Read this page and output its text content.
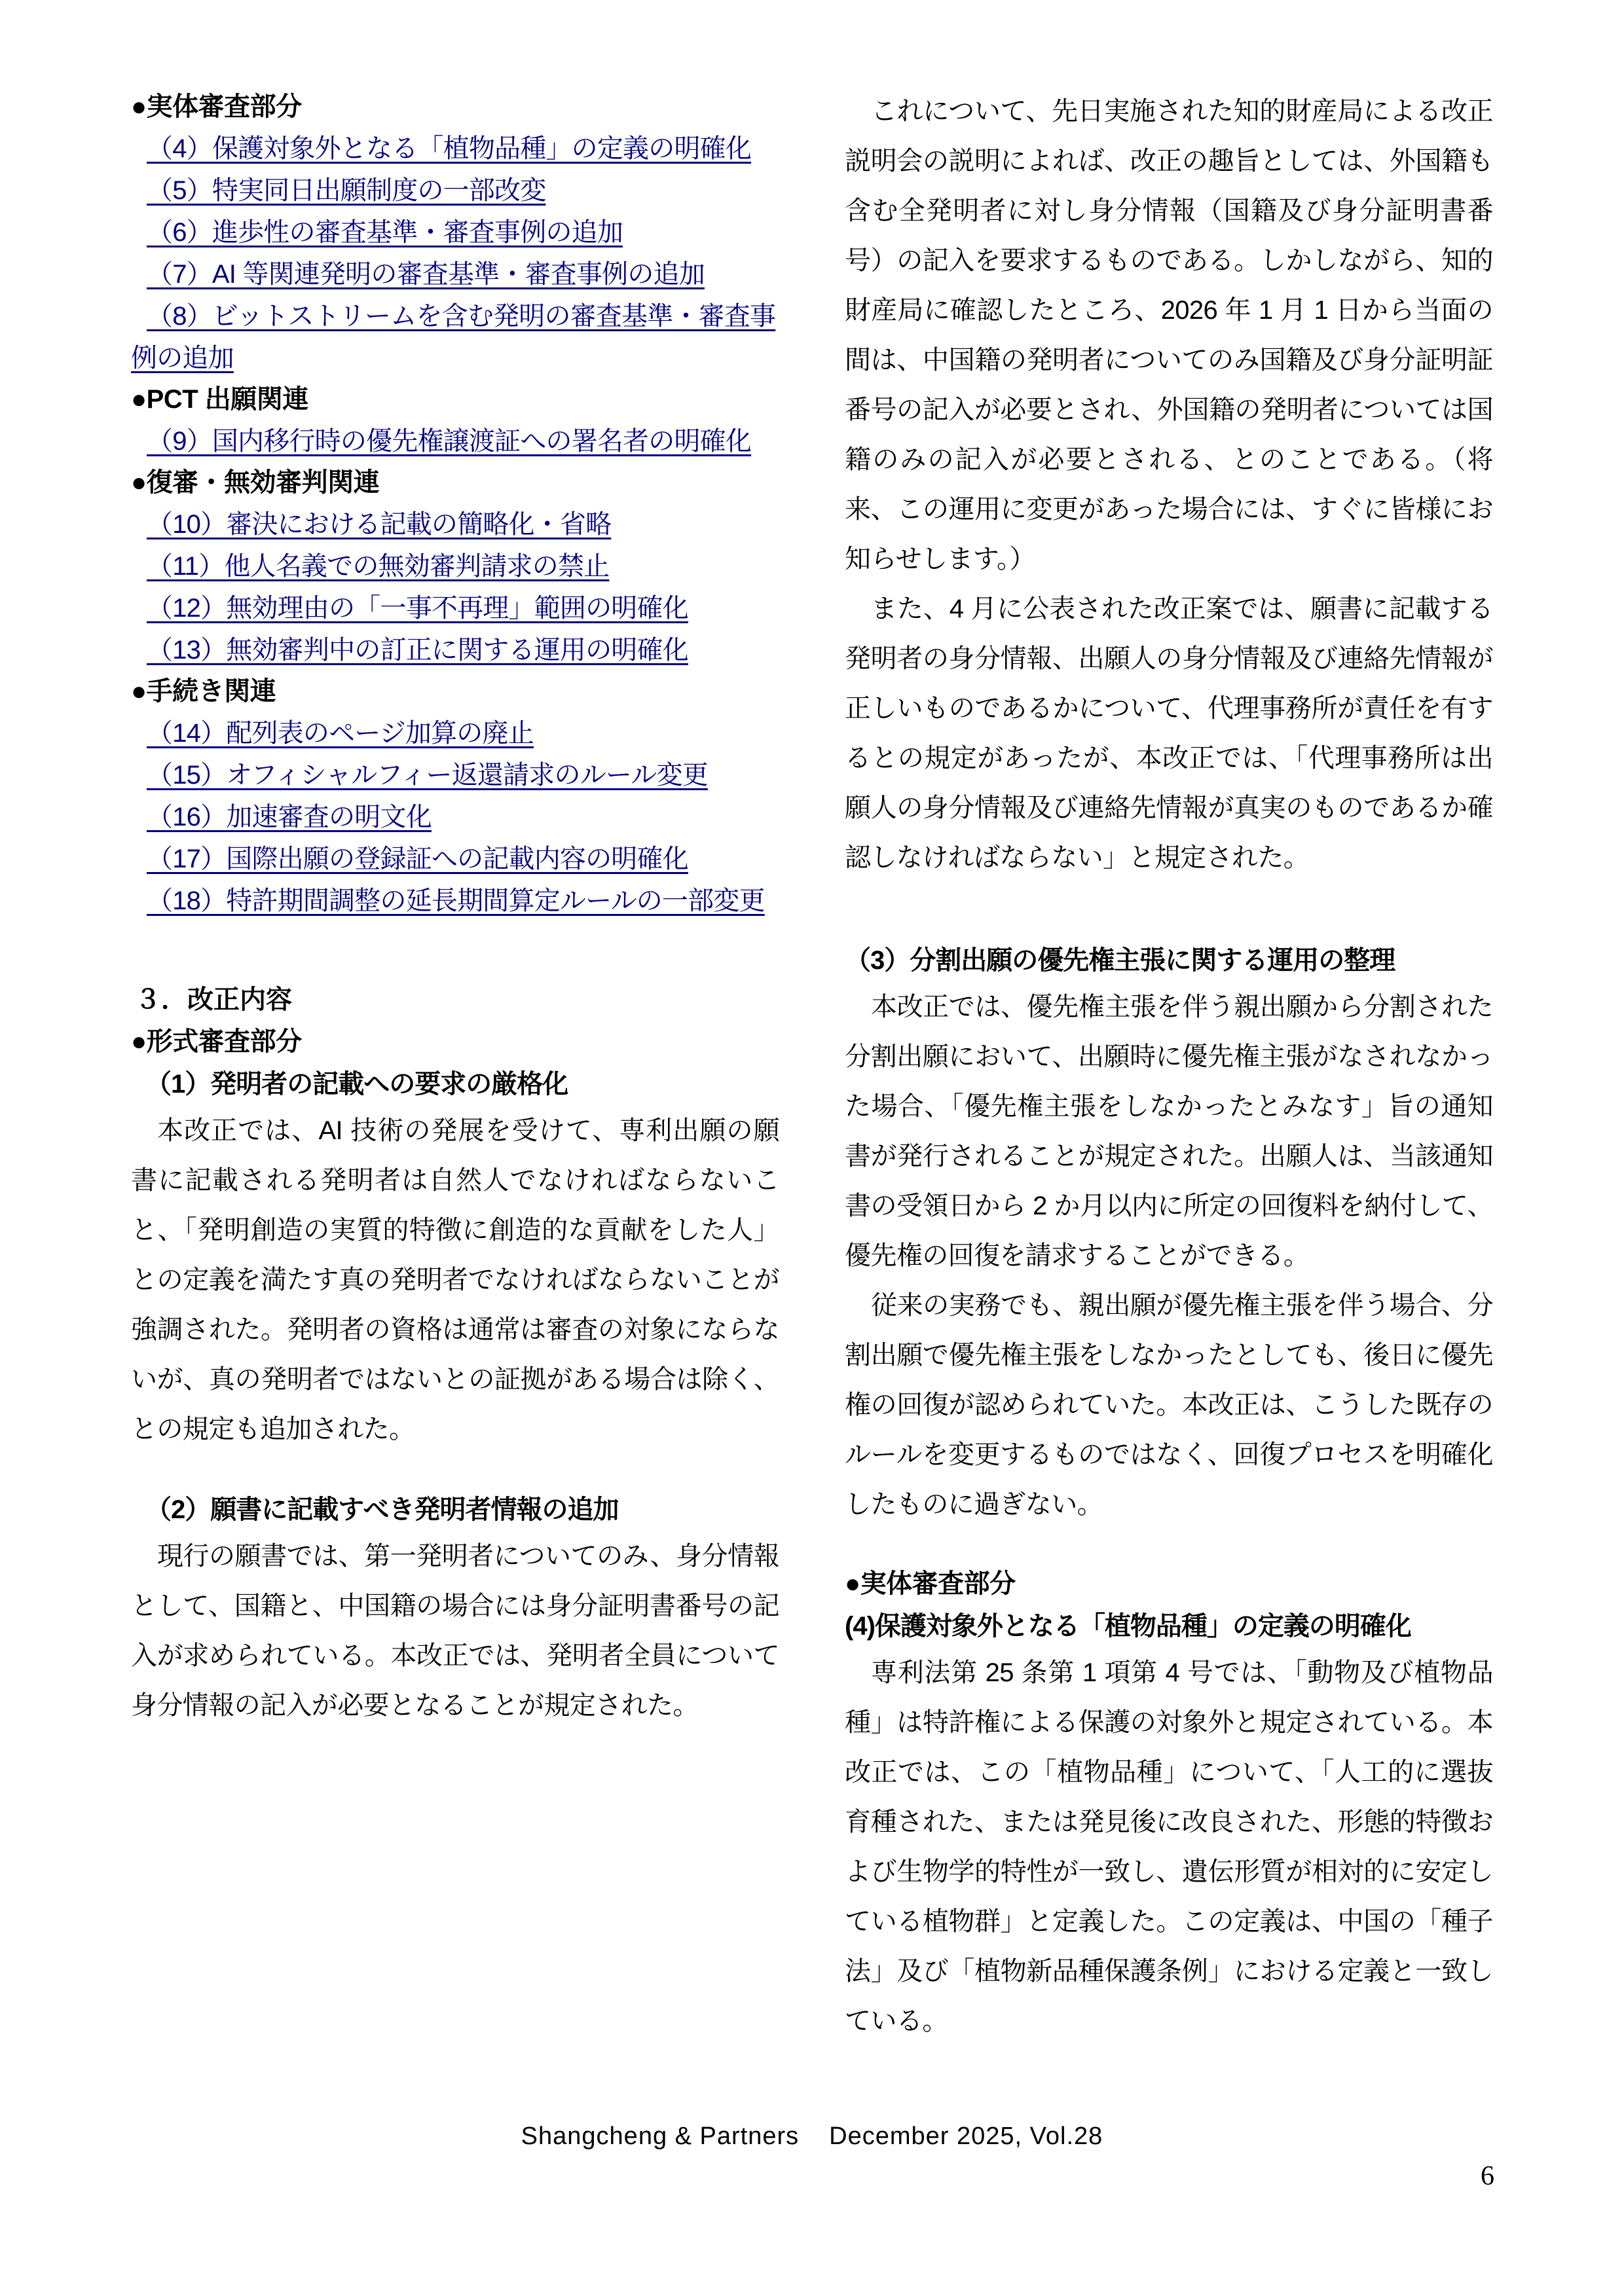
●実体審査部分
（4）保護対象外となる「植物品種」の定義の明確化
（5）特実同日出願制度の一部改変
（6）進歩性の審査基準・審査事例の追加
（7）AI 等関連発明の審査基準・審査事例の追加
（8）ビットストリームを含む発明の審査基準・審査事例の追加
●PCT 出願関連
（9）国内移行時の優先権譲渡証への署名者の明確化
●復審・無効審判関連
（10）審決における記載の簡略化・省略
（11）他人名義での無効審判請求の禁止
（12）無効理由の「一事不再理」範囲の明確化
（13）無効審判中の訂正に関する運用の明確化
●手続き関連
（14）配列表のページ加算の廃止
（15）オフィシャルフィー返還請求のルール変更
（16）加速審査の明文化
（17）国際出願の登録証への記載内容の明確化
（18）特許期間調整の延長期間算定ルールの一部変更
３．改正内容
●形式審査部分
（1）発明者の記載への要求の厳格化
本改正では、AI 技術の発展を受けて、専利出願の願書に記載される発明者は自然人でなければならないこと、「発明創造の実質的特徴に創造的な貢献をした人」との定義を満たす真の発明者でなければならないことが強調された。発明者の資格は通常は審査の対象にならないが、真の発明者ではないとの証拠がある場合は除く、との規定も追加された。
（2）願書に記載すべき発明者情報の追加
現行の願書では、第一発明者についてのみ、身分情報として、国籍と、中国籍の場合には身分証明書番号の記入が求められている。本改正では、発明者全員について身分情報の記入が必要となることが規定された。
これについて、先日実施された知的財産局による改正説明会の説明によれば、改正の趣旨としては、外国籍も含む全発明者に対し身分情報（国籍及び身分証明書番号）の記入を要求するものである。しかしながら、知的財産局に確認したところ、2026 年 1 月 1 日から当面の間は、中国籍の発明者についてのみ国籍及び身分証明証番号の記入が必要とされ、外国籍の発明者については国籍のみの記入が必要とされる、とのことである。（将来、この運用に変更があった場合には、すぐに皆様にお知らせします。）
また、4 月に公表された改正案では、願書に記載する発明者の身分情報、出願人の身分情報及び連絡先情報が正しいものであるかについて、代理事務所が責任を有するとの規定があったが、本改正では、「代理事務所は出願人の身分情報及び連絡先情報が真実のものであるか確認しなければならない」と規定された。
（3）分割出願の優先権主張に関する運用の整理
本改正では、優先権主張を伴う親出願から分割された分割出願において、出願時に優先権主張がなされなかった場合、「優先権主張をしなかったとみなす」旨の通知書が発行されることが規定された。出願人は、当該通知書の受領日から 2 か月以内に所定の回復料を納付して、優先権の回復を請求することができる。
従来の実務でも、親出願が優先権主張を伴う場合、分割出願で優先権主張をしなかったとしても、後日に優先権の回復が認められていた。本改正は、こうした既存のルールを変更するものではなく、回復プロセスを明確化したものに過ぎない。
●実体審査部分
(4)保護対象外となる「植物品種」の定義の明確化
専利法第 25 条第 1 項第 4 号では、「動物及び植物品種」は特許権による保護の対象外と規定されている。本改正では、この「植物品種」について、「人工的に選抜育種された、または発見後に改良された、形態的特徴および生物学的特性が一致し、遺伝形質が相対的に安定している植物群」と定義した。この定義は、中国の「種子法」及び「植物新品種保護条例」における定義と一致している。
Shangcheng & Partners December 2025, Vol.28
6
